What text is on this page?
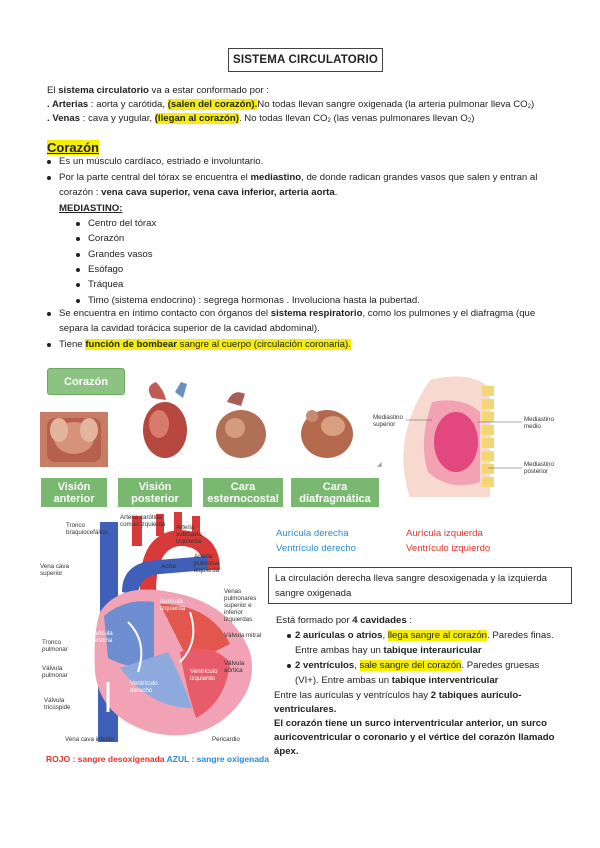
SISTEMA CIRCULATORIO
El sistema circulatorio va a estar conformado por :
. Arterias : aorta y carótida, (salen del corazón).No todas llevan sangre oxigenada (la arteria pulmonar lleva CO2)
. Venas : cava y yugular, (llegan al corazón). No todas llevan CO2 (las venas pulmonares llevan O2)
Corazón
Es un músculo cardíaco, estriado e involuntario.
Por la parte central del tórax se encuentra el mediastino, de donde radican grandes vasos que salen y entran al
corazón : vena cava superior, vena cava inferior, arteria aorta.
MEDIASTINO:
Centro del tórax
Corazón
Grandes vasos
Esófago
Tráquea
Timo (sistema endocrino) : segrega hormonas . Involuciona hasta la pubertad.
Se encuentra en íntimo contacto con órganos del sistema respiratorio, como los pulmones y el diafragma (que
separa la cavidad torácica superior de la cavidad abdominal).
Tiene función de bombear sangre al cuerpo (circulación coronaria).
Corazón
◢
Visión anterior
Visión posterior
Cara esternocostal
Cara diafragmática
Mediastino superior
Mediastino medio
Mediastino posterior
Tronco braquiocefálico
Vena cava superior
Tronco pulmonar
Válvula pulmonar
Válvula tricúspide
Vena cava inferior
Arteria carótida común izquierda	Arteria subclavia izquierda
Aorta
Arteria pulmonar izquierda
Venas pulmonares superior e inferior izquierdas
Válvula mitral
Válvula aórtica
Pericardio
Aurícula derecha
Aurícula izquierda
Ventrículo derecho
Ventrículo izquierdo
ROJO : sangre desoxigenada AZUL : sangre oxigenada
Aurícula derecha	Aurícula izquierda
Ventrículo derecho	Ventrículo izquierdo
La circulación derecha lleva sangre desoxigenada y la izquierda sangre oxigenada
Está formado por 4 cavidades :
2 aurículas o atrios, llega sangre al corazón. Paredes finas.
Entre ambas hay un tabique interauricular
2 ventrículos, sale sangre del corazón. Paredes gruesas
(VI+). Entre ambas un tabique interventricular
Entre las aurículas y ventrículos hay 2 tabiques aurículo-
ventriculares.
El corazón tiene un surco interventricular anterior, un surco
auricoventricular o coronario y el vértice del corazón llamado
ápex.
